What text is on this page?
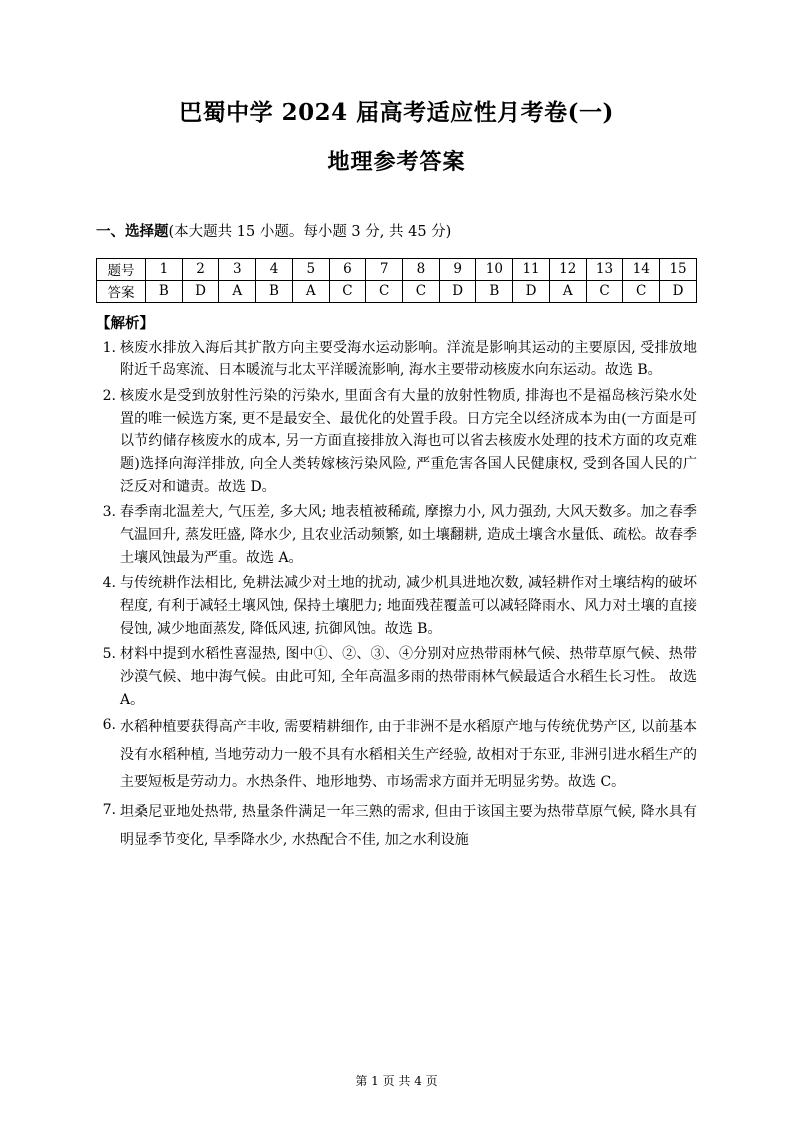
巴蜀中学 2024 届高考适应性月考卷(一)
地理参考答案
一、选择题(本大题共 15 小题。每小题 3 分, 共 45 分)
题号	1	2	3	4	5	6	7	8	9	10	11	12	13	14	15
答案	B	D	A	B	A	C	C	C	D	B	D	A	C	C	D
【解析】
1. 核废水排放入海后其扩散方向主要受海水运动影响。洋流是影响其运动的主要原因, 受排放地附近千岛寒流、日本暖流与北太平洋暖流影响, 海水主要带动核废水向东运动。故选 B。
2. 核废水是受到放射性污染的污染水, 里面含有大量的放射性物质, 排海也不是福岛核污染水处置的唯一候选方案, 更不是最安全、最优化的处置手段。日方完全以经济成本为由(一方面是可以节约储存核废水的成本, 另一方面直接排放入海也可以省去核废水处理的技术方面的攻克难题)选择向海洋排放, 向全人类转嫁核污染风险, 严重危害各国人民健康权, 受到各国人民的广泛反对和谴责。故选 D。
3. 春季南北温差大, 气压差, 多大风; 地表植被稀疏, 摩擦力小, 风力强劲, 大风天数多。加之春季气温回升, 蒸发旺盛, 降水少, 且农业活动频繁, 如土壤翻耕, 造成土壤含水量低、疏松。故春季土壤风蚀最为严重。故选 A。
4. 与传统耕作法相比, 免耕法减少对土地的扰动, 减少机具进地次数, 减轻耕作对土壤结构的破坏程度, 有利于减轻土壤风蚀, 保持土壤肥力; 地面残茬覆盖可以减轻降雨水、风力对土壤的直接侵蚀, 减少地面蒸发, 降低风速, 抗御风蚀。故选 B。
5. 材料中提到水稻性喜湿热, 图中①、②、③、④分别对应热带雨林气候、热带草原气候、热带沙漠气候、地中海气候。由此可知, 全年高温多雨的热带雨林气候最适合水稻生长习性。 故选 A。
6. 水稻种植要获得高产丰收, 需要精耕细作, 由于非洲不是水稻原产地与传统优势产区, 以前基本没有水稻种植, 当地劳动力一般不具有水稻相关生产经验, 故相对于东亚, 非洲引进水稻生产的主要短板是劳动力。水热条件、地形地势、市场需求方面并无明显劣势。故选 C。
7. 坦桑尼亚地处热带, 热量条件满足一年三熟的需求, 但由于该国主要为热带草原气候, 降水具有明显季节变化, 旱季降水少, 水热配合不佳, 加之水利设施
第 1 页 共 4 页
